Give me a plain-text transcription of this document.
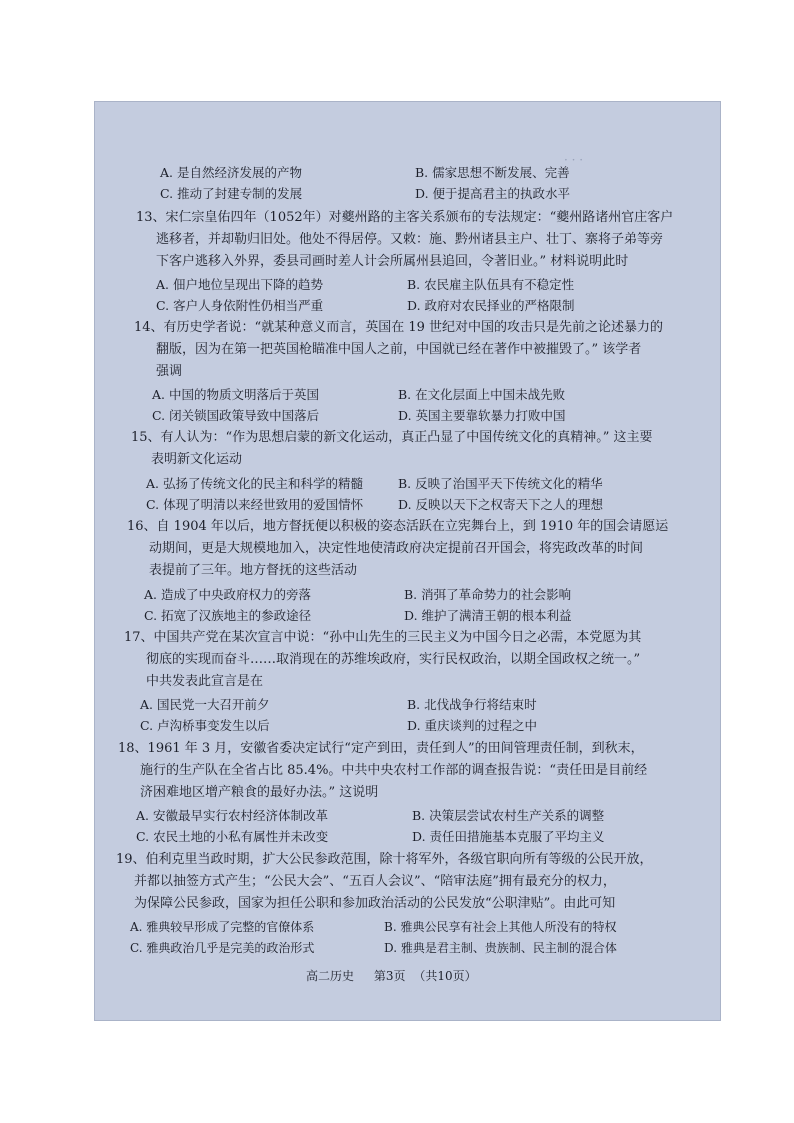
· · ·
A. 是自然经济发展的产物	B. 儒家思想不断发展、完善
C. 推动了封建专制的发展	D. 便于提高君主的执政水平
13、宋仁宗皇佑四年（1052年）对夔州路的主客关系颁布的专法规定：“夔州路诸州官庄客户
逃移者，并却勒归旧处。他处不得居停。又敕：施、黔州诸县主户、壮丁、寨将子弟等旁
下客户逃移入外界，委县司画时差人计会所属州县追回，令著旧业。” 材料说明此时
A. 佃户地位呈现出下降的趋势	B. 农民雇主队伍具有不稳定性
C. 客户人身依附性仍相当严重	D. 政府对农民择业的严格限制
14、有历史学者说：“就某种意义而言，英国在 19 世纪对中国的攻击只是先前之论述暴力的
翻版，因为在第一把英国枪瞄准中国人之前，中国就已经在著作中被摧毁了。” 该学者
强调
A. 中国的物质文明落后于英国	B. 在文化层面上中国未战先败
C. 闭关锁国政策导致中国落后	D. 英国主要靠软暴力打败中国
15、有人认为：“作为思想启蒙的新文化运动，真正凸显了中国传统文化的真精神。” 这主要
表明新文化运动
A. 弘扬了传统文化的民主和科学的精髓	B. 反映了治国平天下传统文化的精华
C. 体现了明清以来经世致用的爱国情怀	D. 反映以天下之权寄天下之人的理想
16、自 1904 年以后，地方督抚便以积极的姿态活跃在立宪舞台上，到 1910 年的国会请愿运
动期间，更是大规模地加入，决定性地使清政府决定提前召开国会，将宪政改革的时间
表提前了三年。地方督抚的这些活动
A. 造成了中央政府权力的旁落	B. 消弭了革命势力的社会影响
C. 拓宽了汉族地主的参政途径	D. 维护了满清王朝的根本利益
17、中国共产党在某次宣言中说：“孙中山先生的三民主义为中国今日之必需，本党愿为其
彻底的实现而奋斗……取消现在的苏维埃政府，实行民权政治，以期全国政权之统一。”
中共发表此宣言是在
A. 国民党一大召开前夕	B. 北伐战争行将结束时
C. 卢沟桥事变发生以后	D. 重庆谈判的过程之中
18、1961 年 3 月，安徽省委决定试行“定产到田，责任到人”的田间管理责任制，到秋末，
施行的生产队在全省占比 85.4%。中共中央农村工作部的调查报告说：“责任田是目前经
济困难地区增产粮食的最好办法。” 这说明
A. 安徽最早实行农村经济体制改革	B. 决策层尝试农村生产关系的调整
C. 农民土地的小私有属性并未改变	D. 责任田措施基本克服了平均主义
19、伯利克里当政时期，扩大公民参政范围，除十将军外，各级官职向所有等级的公民开放，
并都以抽签方式产生；“公民大会”、“五百人会议”、“陪审法庭”拥有最充分的权力，
为保障公民参政，国家为担任公职和参加政治活动的公民发放“公职津贴”。由此可知
A. 雅典较早形成了完整的官僚体系	B. 雅典公民享有社会上其他人所没有的特权
C. 雅典政治几乎是完美的政治形式	D. 雅典是君主制、贵族制、民主制的混合体
高二历史 第3页 （共10页）
